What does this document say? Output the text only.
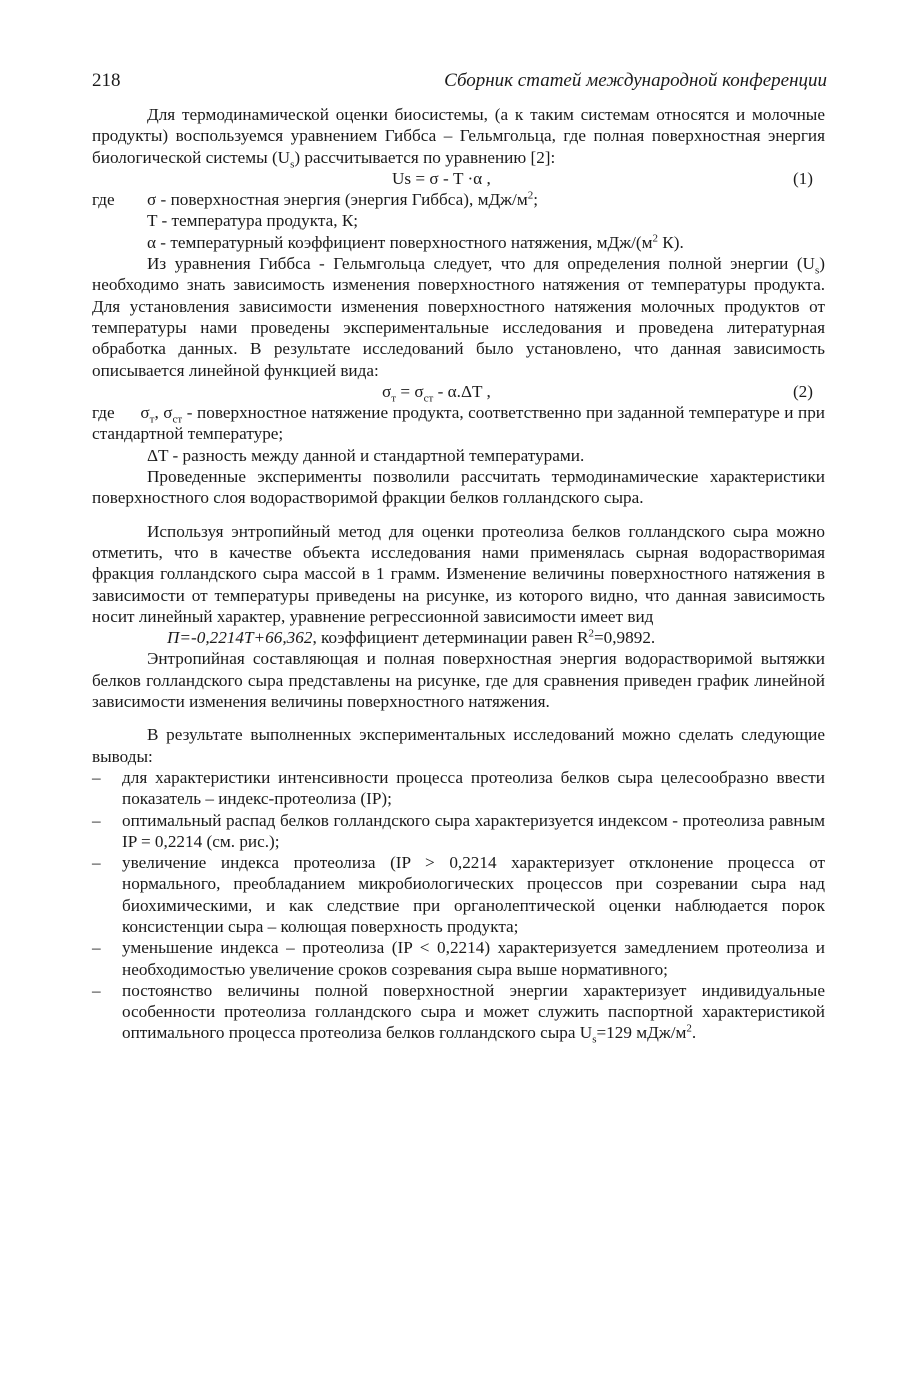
218	Сборник статей международной конференции

Для термодинамической оценки биосистемы, (а к таким системам относятся и молочные продукты) воспользуемся уравнением Гиббса – Гельмгольца, где полная поверхностная энергия биологической системы $(U_s)$ рассчитывается по уравнению [2]:

Us = σ - T ·α ,	(1)
где σ - поверхностная энергия (энергия Гиббса), мДж/$м^2$;
T - температура продукта, К;
α - температурный коэффициент поверхностного натяжения, мДж/($м^2$ К).

Из уравнения Гиббса - Гельмгольца следует, что для определения полной энергии $(U_s)$ необходимо знать зависимость изменения поверхностного натяжения от температуры продукта. Для установления зависимости изменения поверхностного натяжения молочных продуктов от температуры нами проведены экспериментальные исследования и проведена литературная обработка данных. В результате исследований было установлено, что данная зависимость описывается линейной функцией вида:

$\sigma_т = \sigma_{ст} - \alpha.\Delta T$ ,	(2)

где   $\sigma_т$, $\sigma_{ст}$ - поверхностное натяжение продукта, соответственно при заданной температуре и при стандартной температуре;

ΔT - разность между данной и стандартной температурами.

Проведенные эксперименты позволили рассчитать термодинамические характеристики поверхностного слоя водорастворимой фракции белков голландского сыра.

Используя энтропийный метод для оценки протеолиза белков голландского сыра можно отметить, что в качестве объекта исследования нами применялась сырная водорастворимая фракция голландского сыра массой в 1 грамм. Изменение величины поверхностного натяжения в зависимости от температуры приведены на рисунке, из которого видно, что данная зависимость носит линейный характер, уравнение регрессионной зависимости имеет вид

П=-0,2214T+66,362, коэффициент детерминации равен $R^2=0,9892$.

Энтропийная составляющая и полная поверхностная энергия водорастворимой вытяжки белков голландского сыра представлены на рисунке, где для сравнения приведен график линейной зависимости изменения величины поверхностного натяжения.

В результате выполненных экспериментальных исследований можно сделать следующие выводы:

– для характеристики интенсивности процесса протеолиза белков сыра целесообразно ввести показатель – индекс-протеолиза (IP);
– оптимальный распад белков голландского сыра характеризуется индексом - протеолиза равным IP = 0,2214 (см. рис.);
– увеличение индекса протеолиза (IP > 0,2214 характеризует отклонение процесса от нормального, преобладанием микробиологических процессов при созревании сыра над биохимическими, и как следствие при органолептической оценки наблюдается порок консистенции сыра – колющая поверхность продукта;
– уменьшение индекса – протеолиза (IP < 0,2214) характеризуется замедлением протеолиза и необходимостью увеличение сроков созревания сыра выше нормативного;
– постоянство величины полной поверхностной энергии характеризует индивидуальные особенности протеолиза голландского сыра и может служить паспортной характеристикой оптимального процесса протеолиза белков голландского сыра $U_s=129$ мДж/$м^2$.
